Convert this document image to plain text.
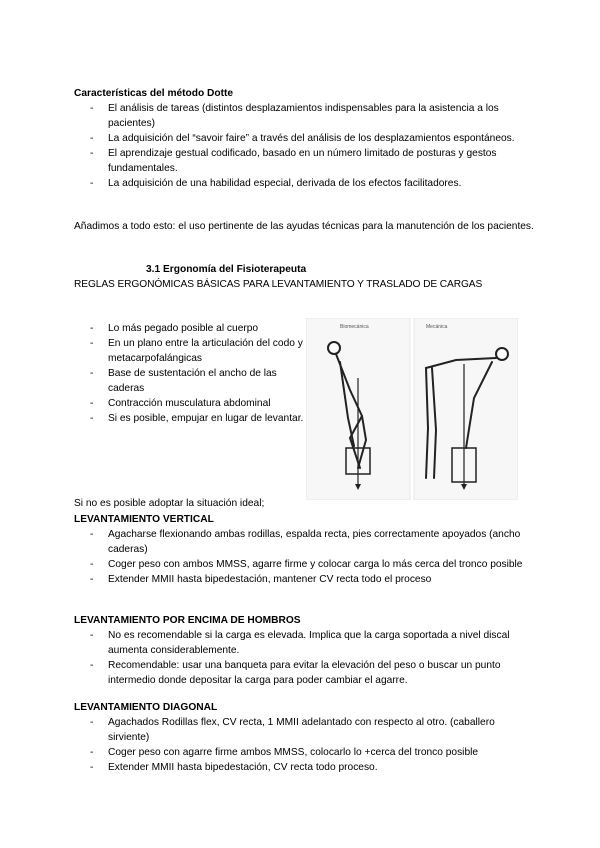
Características del método Dotte
- El análisis de tareas (distintos desplazamientos indispensables para la asistencia a los pacientes)
- La adquisición del “savoir faire” a través del análisis de los desplazamientos espontáneos.
- El aprendizaje gestual codificado, basado en un número limitado de posturas y gestos fundamentales.
- La adquisición de una habilidad especial, derivada de los efectos facilitadores.

Añadimos a todo esto: el uso pertinente de las ayudas técnicas para la manutención de los pacientes.

3.1 Ergonomía del Fisioterapeuta
REGLAS ERGONÓMICAS BÁSICAS PARA LEVANTAMIENTO Y TRASLADO DE CARGAS
- Lo más pegado posible al cuerpo
- En un plano entre la articulación del codo y metacarpofalángicas
- Base de sustentación el ancho de las caderas
- Contracción musculatura abdominal
- Si es posible, empujar en lugar de levantar.
Biomecánica	Mecánica

Si no es posible adoptar la situación ideal;

LEVANTAMIENTO VERTICAL
- Agacharse flexionando ambas rodillas, espalda recta, pies correctamente apoyados (ancho caderas)
- Coger peso con ambos MMSS, agarre firme y colocar carga lo más cerca del tronco posible
- Extender MMII hasta bipedestación, mantener CV recta todo el proceso
LEVANTAMIENTO POR ENCIMA DE HOMBROS
- No es recomendable si la carga es elevada. Implica que la carga soportada a nivel discal aumenta considerablemente.
- Recomendable: usar una banqueta para evitar la elevación del peso o buscar un punto intermedio donde depositar la carga para poder cambiar el agarre.
LEVANTAMIENTO DIAGONAL
- Agachados Rodillas flex, CV recta, 1 MMII adelantado con respecto al otro. (caballero sirviente)
- Coger peso con agarre firme ambos MMSS, colocarlo lo +cerca del tronco posible
- Extender MMII hasta bipedestación, CV recta todo proceso.
